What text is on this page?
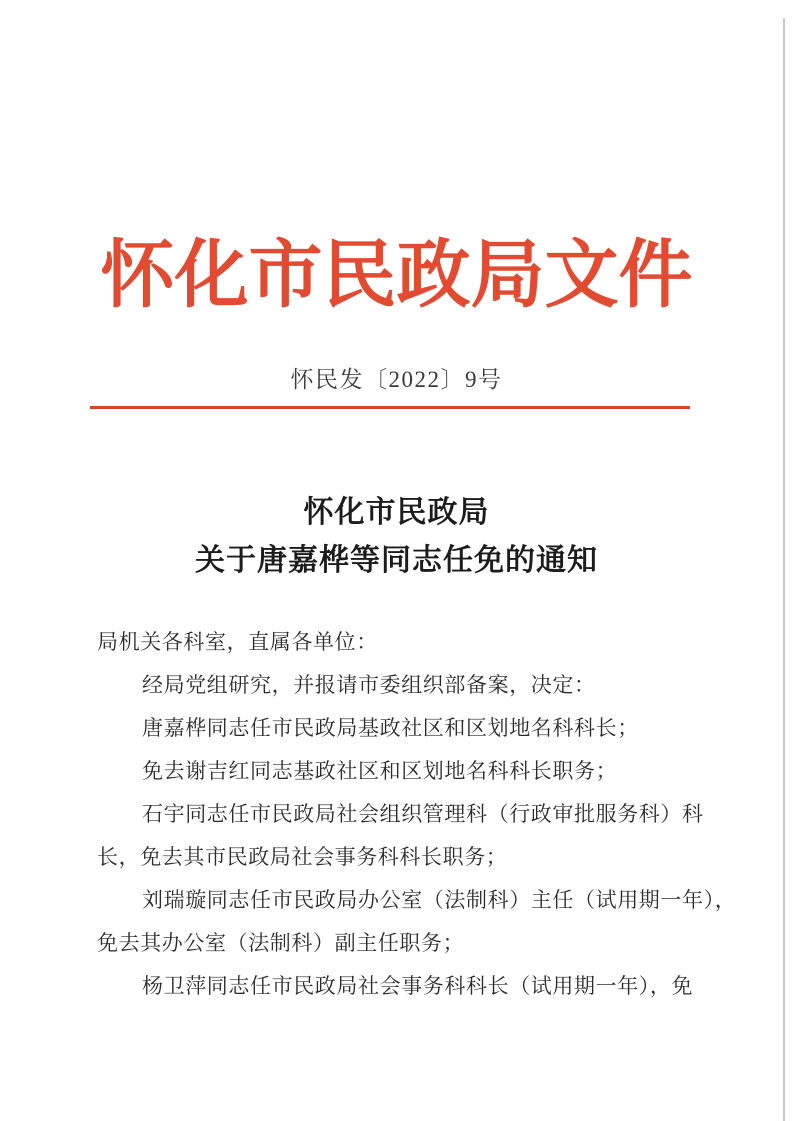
怀化市民政局文件
怀民发〔2022〕9号
怀化市民政局
关于唐嘉桦等同志任免的通知
局机关各科室，直属各单位：
经局党组研究，并报请市委组织部备案，决定：
唐嘉桦同志任市民政局基政社区和区划地名科科长；
免去谢吉红同志基政社区和区划地名科科长职务；
石宇同志任市民政局社会组织管理科（行政审批服务科）科
长，免去其市民政局社会事务科科长职务；
刘瑞璇同志任市民政局办公室（法制科）主任（试用期一年），
免去其办公室（法制科）副主任职务；
杨卫萍同志任市民政局社会事务科科长（试用期一年），免
